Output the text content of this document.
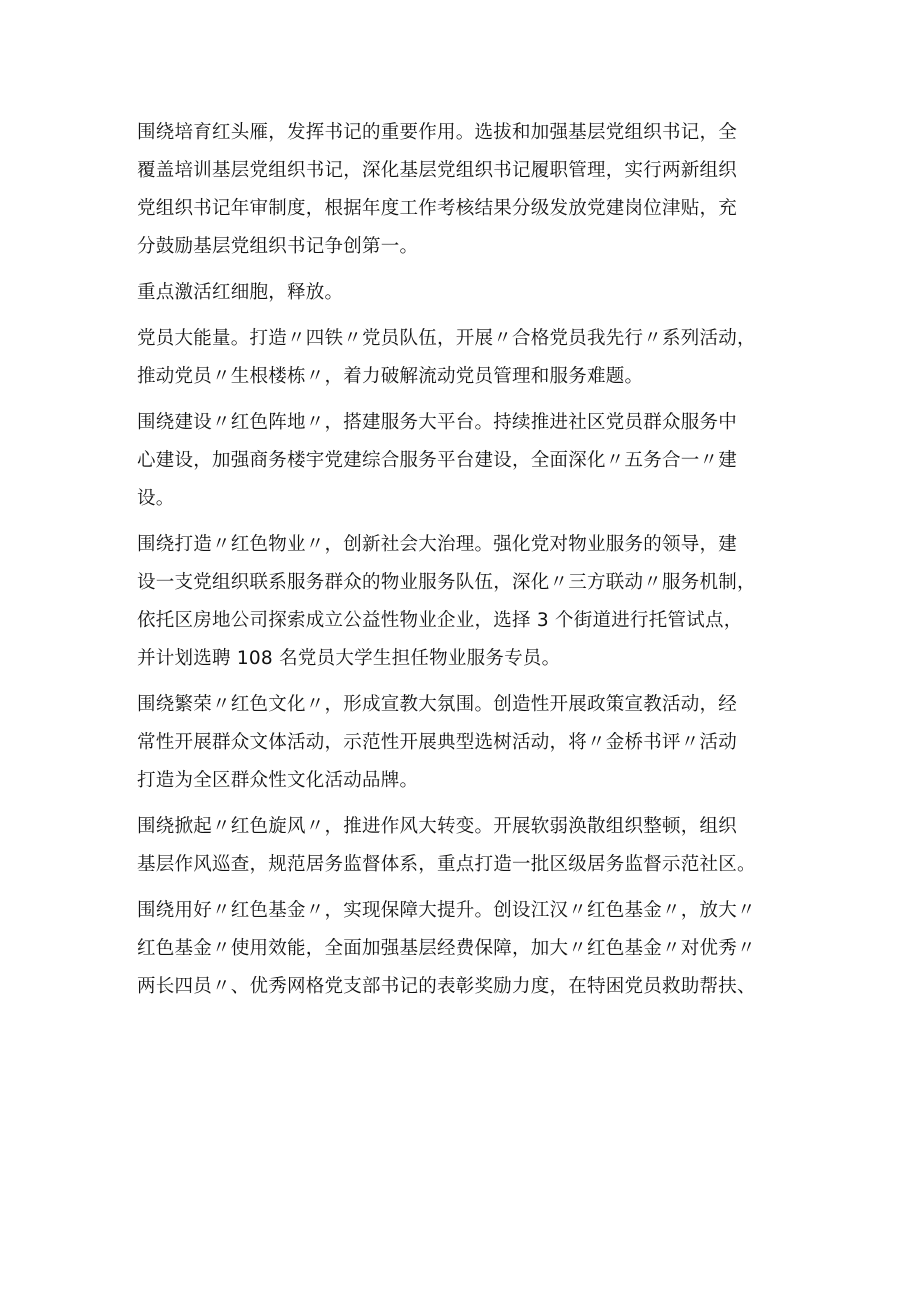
围绕培育红头雁，发挥书记的重要作用。选拔和加强基层党组织书记，全
覆盖培训基层党组织书记，深化基层党组织书记履职管理，实行两新组织
党组织书记年审制度，根据年度工作考核结果分级发放党建岗位津贴，充
分鼓励基层党组织书记争创第一。
重点激活红细胞，释放。
党员大能量。打造〃四铁〃党员队伍，开展〃合格党员我先行〃系列活动，
推动党员〃生根楼栋〃，着力破解流动党员管理和服务难题。
围绕建设〃红色阵地〃，搭建服务大平台。持续推进社区党员群众服务中
心建设，加强商务楼宇党建综合服务平台建设，全面深化〃五务合一〃建
设。
围绕打造〃红色物业〃，创新社会大治理。强化党对物业服务的领导，建
设一支党组织联系服务群众的物业服务队伍，深化〃三方联动〃服务机制，
依托区房地公司探索成立公益性物业企业，选择 3 个街道进行托管试点，
并计划选聘 108 名党员大学生担任物业服务专员。
围绕繁荣〃红色文化〃，形成宣教大氛围。创造性开展政策宣教活动，经
常性开展群众文体活动，示范性开展典型选树活动，将〃金桥书评〃活动
打造为全区群众性文化活动品牌。
围绕掀起〃红色旋风〃，推进作风大转变。开展软弱涣散组织整顿，组织
基层作风巡查，规范居务监督体系，重点打造一批区级居务监督示范社区。
围绕用好〃红色基金〃，实现保障大提升。创设江汉〃红色基金〃，放大〃
红色基金〃使用效能，全面加强基层经费保障，加大〃红色基金〃对优秀〃
两长四员〃、优秀网格党支部书记的表彰奖励力度，在特困党员救助帮扶、
